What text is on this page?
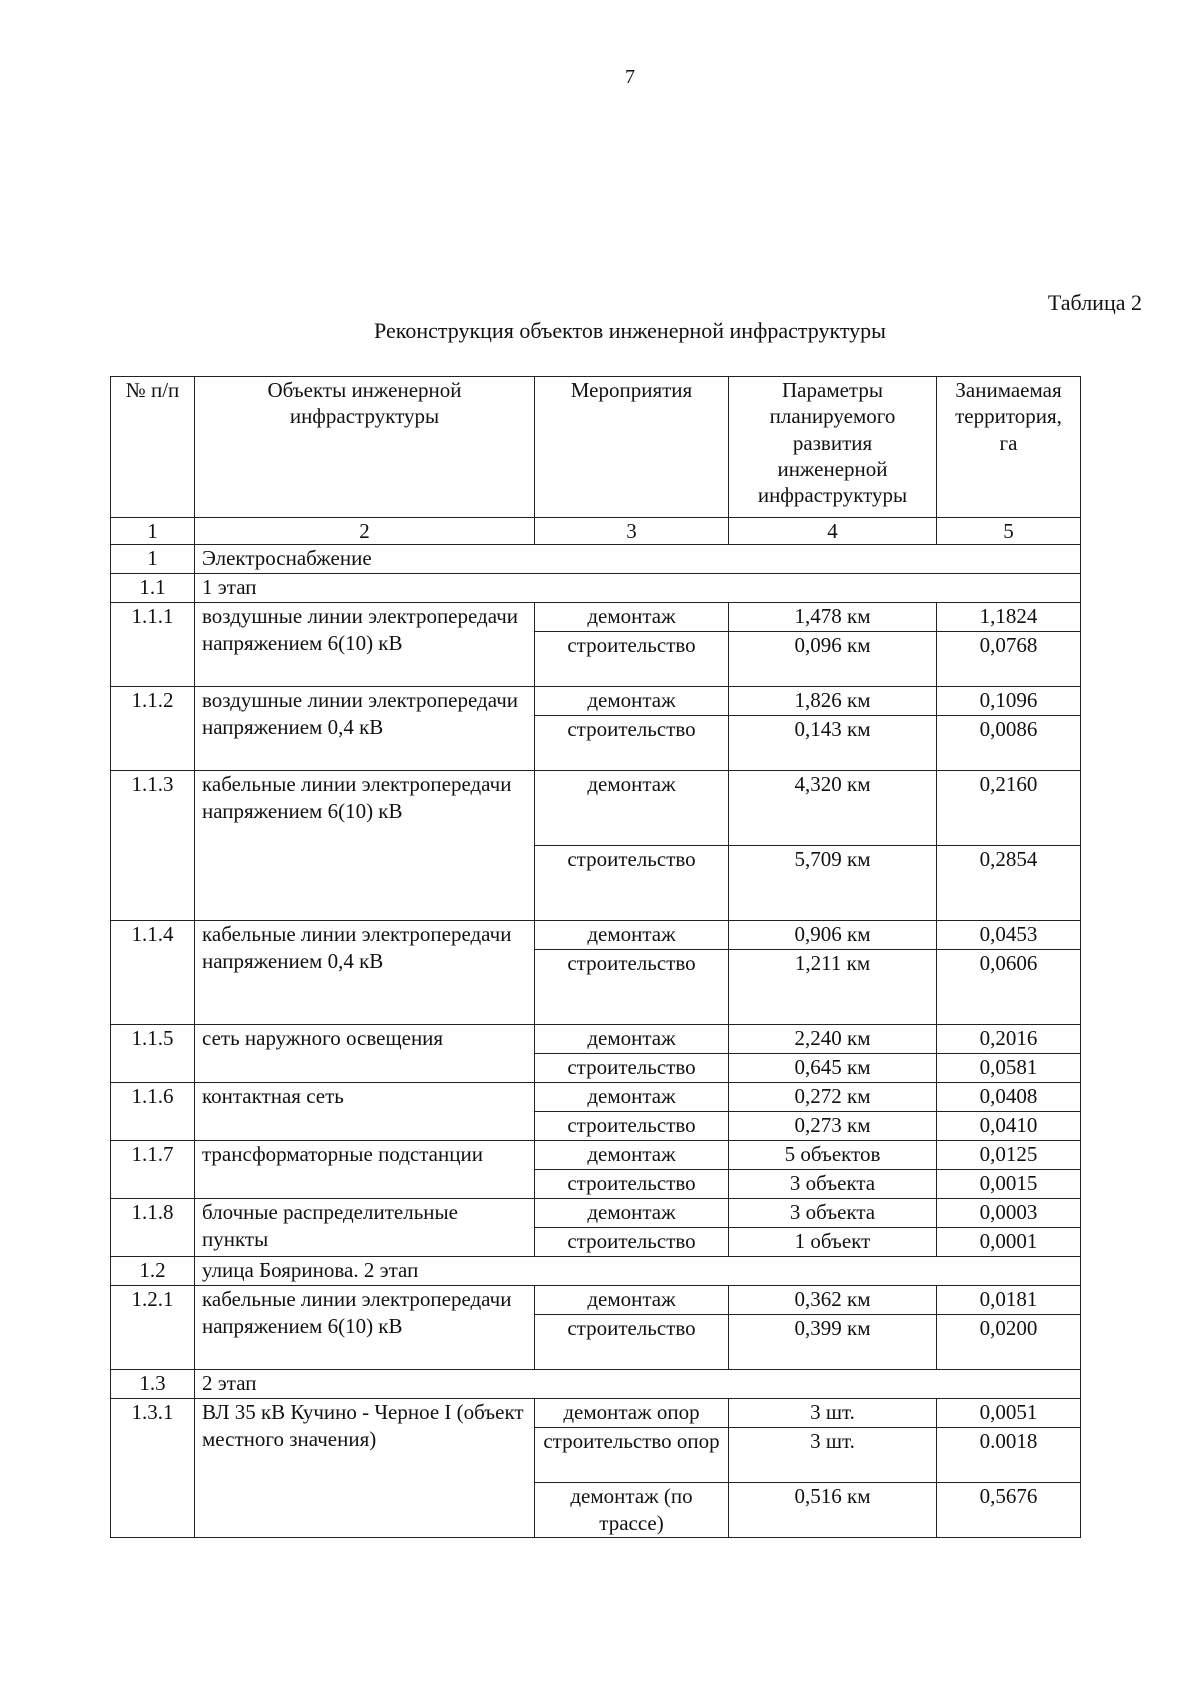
7
Таблица 2
Реконструкция объектов инженерной инфраструктуры
№ п/п	Объекты инженерной инфраструктуры	Мероприятия	Параметры планируемого развития инженерной инфраструктуры	Занимаемая территория, га
1	2	3	4	5
1	Электроснабжение			
1.1	1 этап			
1.1.1	воздушные линии электропередачи напряжением 6(10) кВ	демонтаж	1,478 км	1,1824
		строительство	0,096 км	0,0768
1.1.2	воздушные линии электропередачи напряжением 0,4 кВ	демонтаж	1,826 км	0,1096
		строительство	0,143 км	0,0086
1.1.3	кабельные линии электропередачи напряжением 6(10) кВ	демонтаж	4,320 км	0,2160
		строительство	5,709 км	0,2854
1.1.4	кабельные линии электропередачи напряжением 0,4 кВ	демонтаж	0,906 км	0,0453
		строительство	1,211 км	0,0606
1.1.5	сеть наружного освещения	демонтаж	2,240 км	0,2016
		строительство	0,645 км	0,0581
1.1.6	контактная сеть	демонтаж	0,272 км	0,0408
		строительство	0,273 км	0,0410
1.1.7	трансформаторные подстанции	демонтаж	5 объектов	0,0125
		строительство	3 объекта	0,0015
1.1.8	блочные распределительные пункты	демонтаж	3 объекта	0,0003
		строительство	1 объект	0,0001
1.2	улица Бояринова. 2 этап			
1.2.1	кабельные линии электропередачи напряжением 6(10) кВ	демонтаж	0,362 км	0,0181
		строительство	0,399 км	0,0200
1.3	2 этап			
1.3.1	ВЛ 35 кВ Кучино - Черное I (объект местного значения)	демонтаж опор	3 шт.	0,0051
		строительство опор	3 шт.	0.0018
		демонтаж (по трассе)	0,516 км	0,5676
